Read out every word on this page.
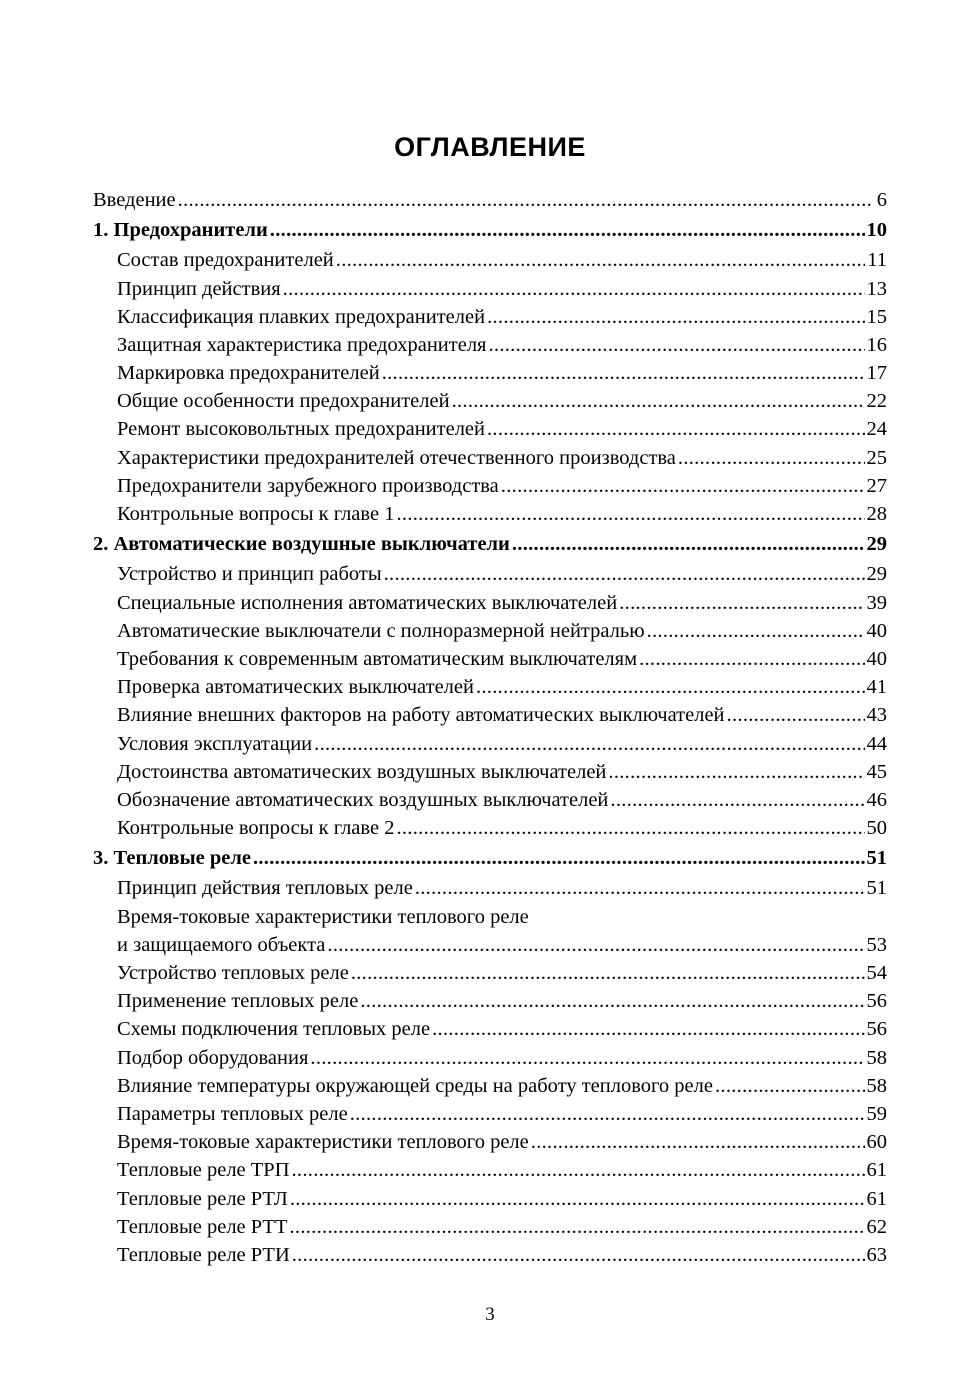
ОГЛАВЛЕНИЕ
Введение .....	6
1. Предохранители .....	10
Состав предохранителей .....	11
Принцип действия .....	13
Классификация плавких предохранителей .....	15
Защитная характеристика предохранителя .....	16
Маркировка предохранителей .....	17
Общие особенности предохранителей .....	22
Ремонт высоковольтных предохранителей .....	24
Характеристики предохранителей отечественного производства .....	25
Предохранители зарубежного производства .....	27
Контрольные вопросы к главе 1 .....	28
2. Автоматические воздушные выключатели .....	29
Устройство и принцип работы .....	29
Специальные исполнения автоматических выключателей .....	39
Автоматические выключатели с полноразмерной нейтралью .....	40
Требования к современным автоматическим выключателям .....	40
Проверка автоматических выключателей .....	41
Влияние внешних факторов на работу автоматических выключателей .....	43
Условия эксплуатации .....	44
Достоинства автоматических воздушных выключателей .....	45
Обозначение автоматических воздушных выключателей .....	46
Контрольные вопросы к главе 2 .....	50
3. Тепловые реле .....	51
Принцип действия тепловых реле .....	51
Время-токовые характеристики теплового реле
и защищаемого объекта .....	53
Устройство тепловых реле .....	54
Применение тепловых реле .....	56
Схемы подключения тепловых реле .....	56
Подбор оборудования .....	58
Влияние температуры окружающей среды на работу теплового реле .....	58
Параметры тепловых реле .....	59
Время-токовые характеристики теплового реле .....	60
Тепловые реле ТРП .....	61
Тепловые реле РТЛ .....	61
Тепловые реле РТТ .....	62
Тепловые реле РТИ .....	63
3
